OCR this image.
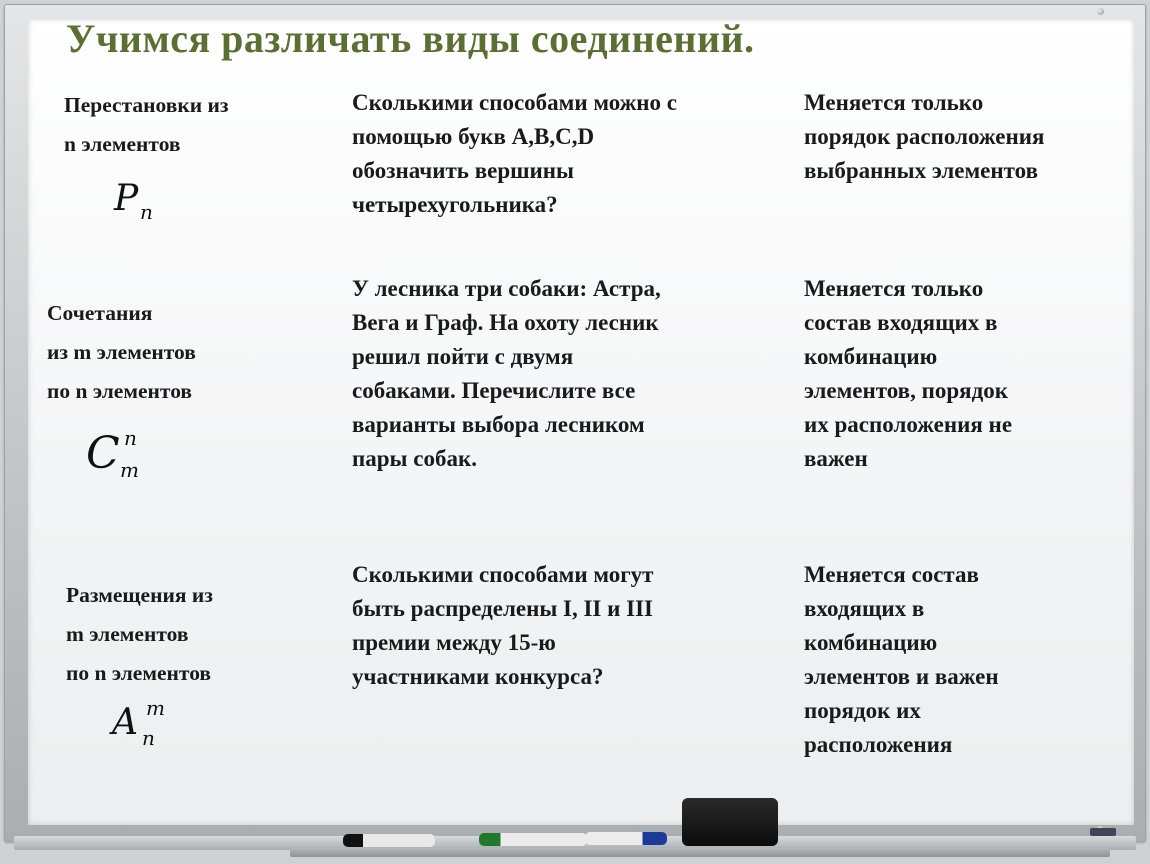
Учимся различать виды соединений.

Перестановки из
n элементов

P n

Сколькими способами можно с
помощью букв A,B,C,D
обозначить вершины
четырехугольника?

Меняется только
порядок расположения
выбранных элементов

Сочетания
из m элементов
по n элементов

C n
m

У лесника три собаки: Астра,
Вега и Граф. На охоту лесник
решил пойти с двумя
собаками. Перечислите все
варианты выбора лесником
пары собак.

Меняется только
состав входящих в
комбинацию
элементов, порядок
их расположения не
важен

Размещения из
m элементов
по n элементов

A m
n

Сколькими способами могут
быть распределены I, II и III
премии между 15-ю
участниками конкурса?

Меняется состав
входящих в
комбинацию
элементов и важен
порядок их
расположения
